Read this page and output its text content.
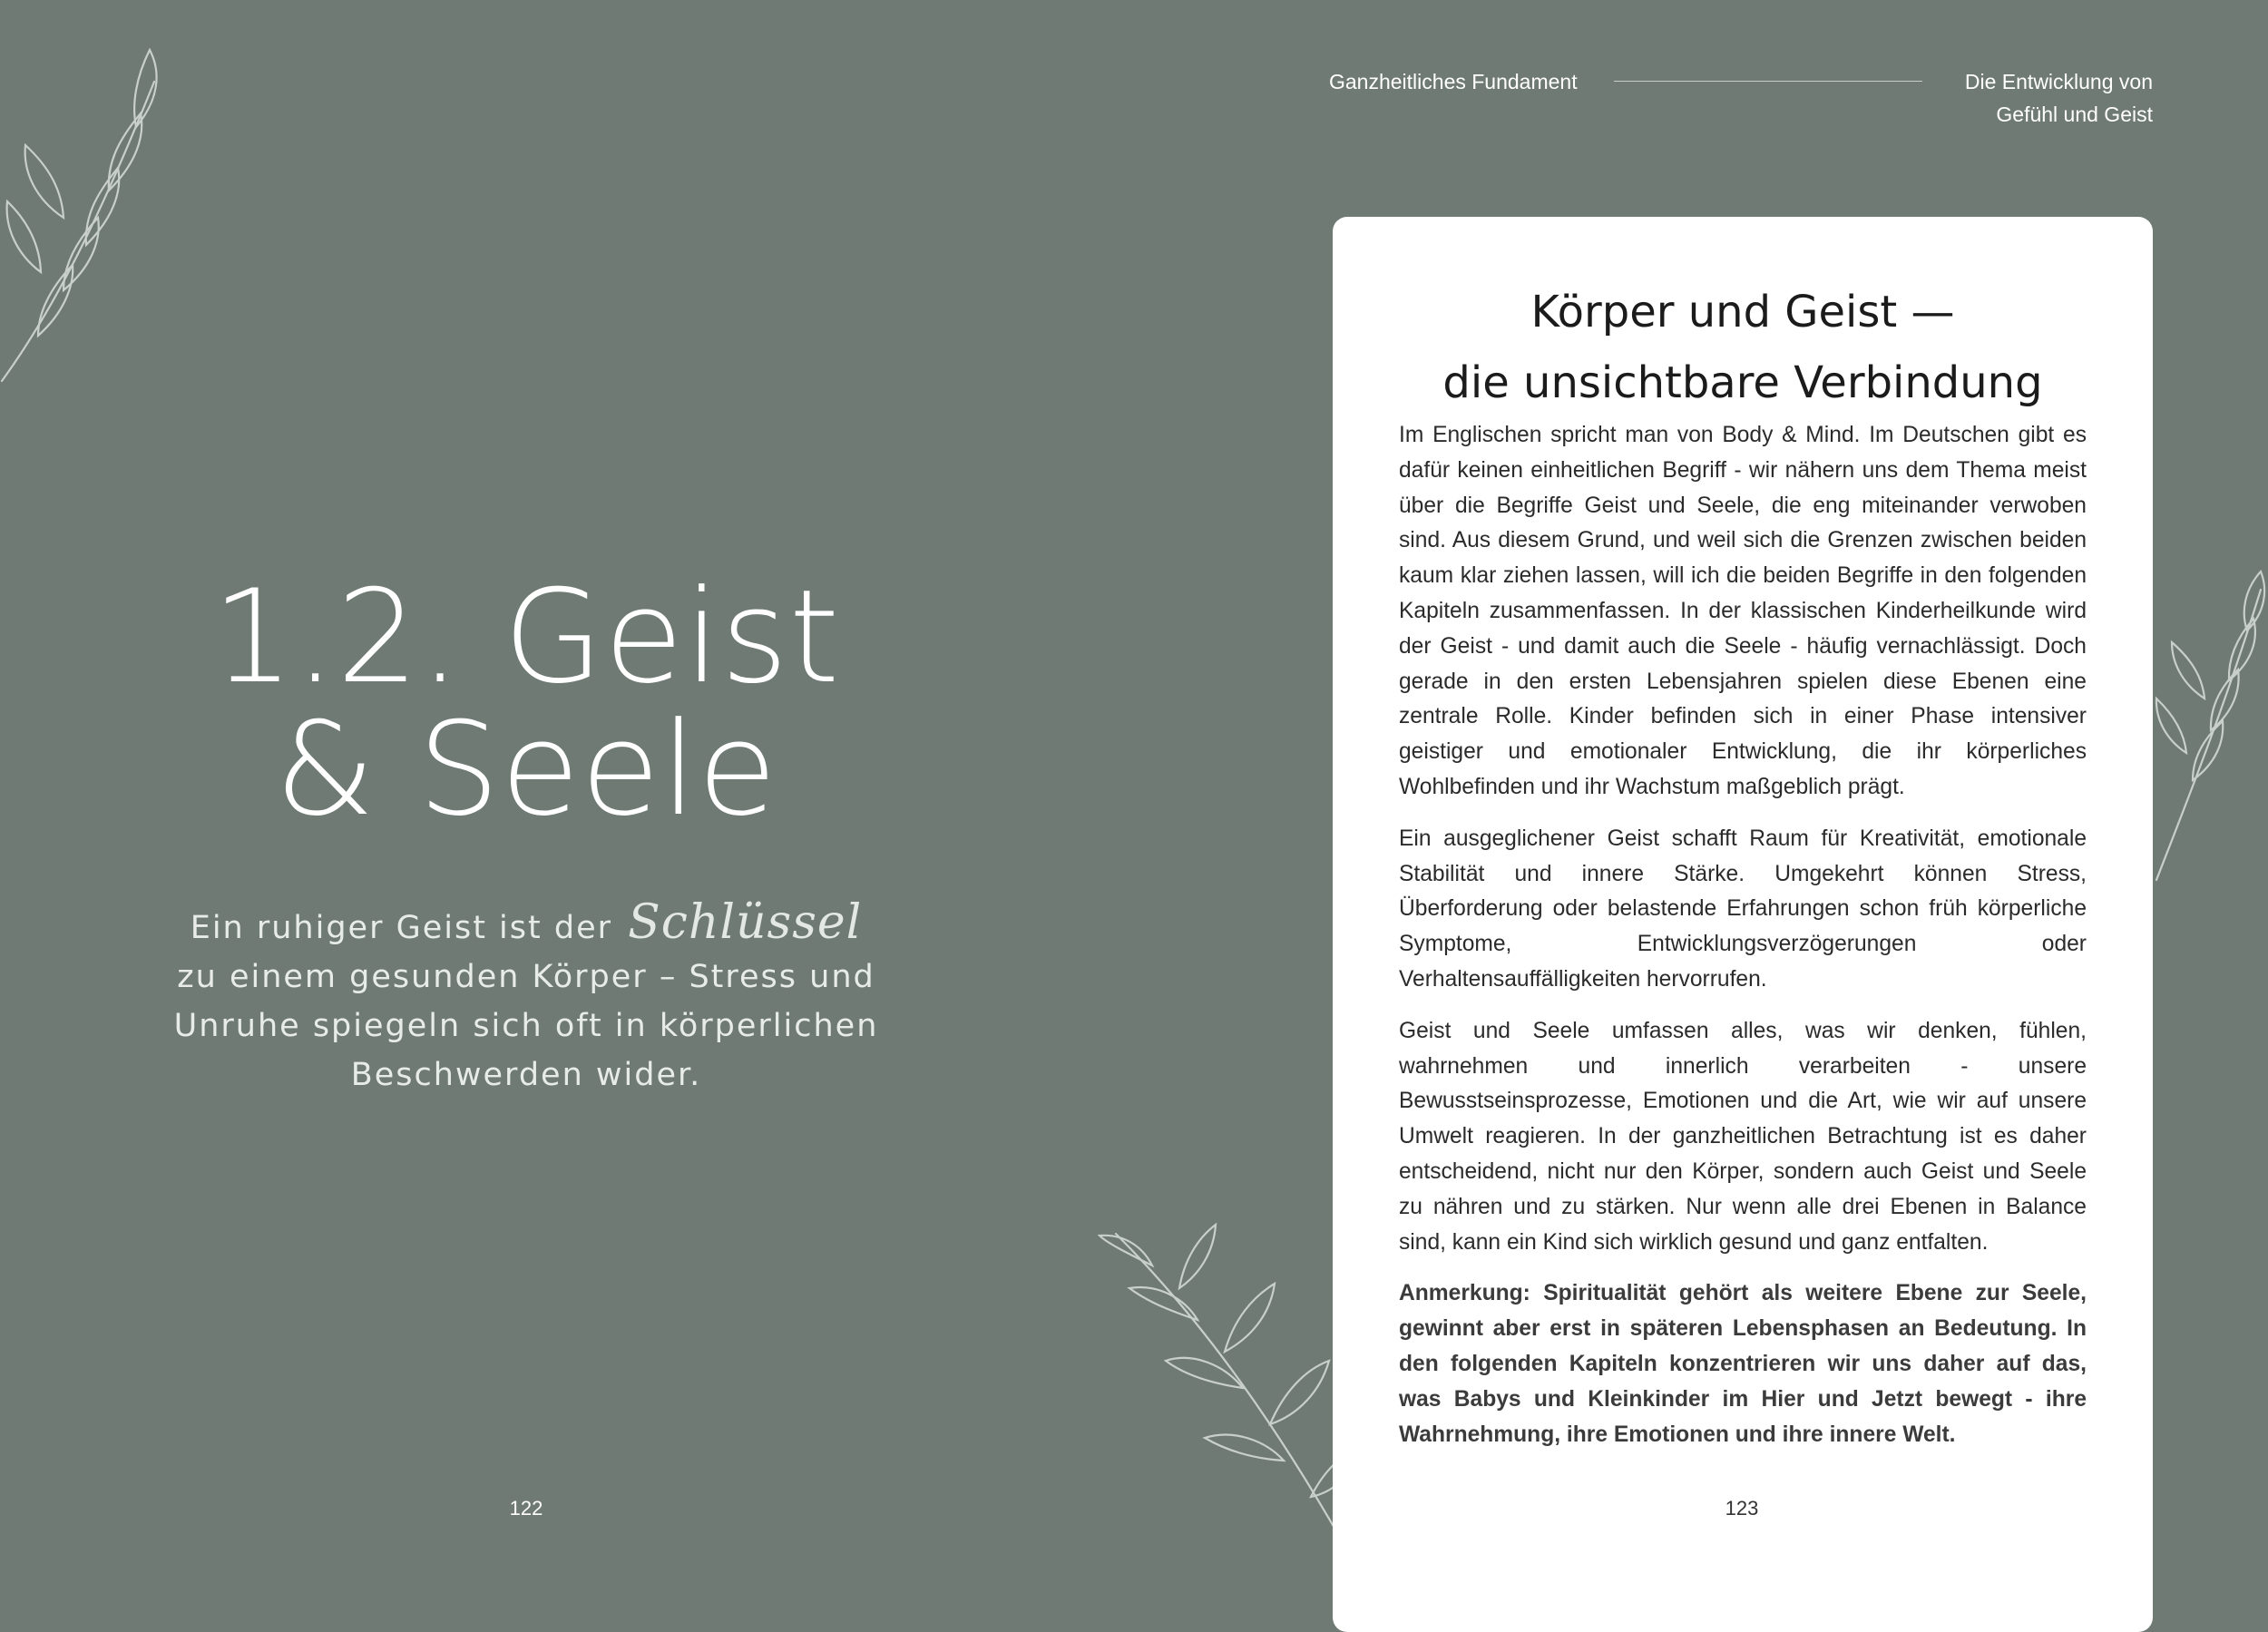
1.2. Geist
& Seele
Ein ruhiger Geist ist der Schlüssel
zu einem gesunden Körper – Stress und
Unruhe spiegeln sich oft in körperlichen
Beschwerden wider.
122
Ganzheitliches Fundament	Die Entwicklung von
Gefühl und Geist
Körper und Geist —
die unsichtbare Verbindung

Im Englischen spricht man von Body & Mind. Im Deutschen gibt es dafür keinen einheitlichen Begriff - wir nähern uns dem Thema meist über die Begriffe Geist und Seele, die eng miteinander verwoben sind. Aus diesem Grund, und weil sich die Grenzen zwischen beiden kaum klar ziehen lassen, will ich die beiden Begriffe in den folgenden Kapiteln zusammenfassen. In der klassischen Kinderheilkunde wird der Geist - und damit auch die Seele - häufig vernachlässigt. Doch gerade in den ersten Lebensjahren spielen diese Ebenen eine zentrale Rolle. Kinder befinden sich in einer Phase intensiver geistiger und emotionaler Entwicklung, die ihr körperliches Wohlbefinden und ihr Wachstum maßgeblich prägt.

Ein ausgeglichener Geist schafft Raum für Kreativität, emotionale Stabilität und innere Stärke. Umgekehrt können Stress, Überforderung oder belastende Erfahrungen schon früh körperliche Symptome, Entwicklungsverzögerungen oder Verhaltensauffälligkeiten hervorrufen.

Geist und Seele umfassen alles, was wir denken, fühlen, wahrnehmen und innerlich verarbeiten - unsere Bewusstseinsprozesse, Emotionen und die Art, wie wir auf unsere Umwelt reagieren. In der ganzheitlichen Betrachtung ist es daher entscheidend, nicht nur den Körper, sondern auch Geist und Seele zu nähren und zu stärken. Nur wenn alle drei Ebenen in Balance sind, kann ein Kind sich wirklich gesund und ganz entfalten.

Anmerkung: Spiritualität gehört als weitere Ebene zur Seele, gewinnt aber erst in späteren Lebensphasen an Bedeutung. In den folgenden Kapiteln konzentrieren wir uns daher auf das, was Babys und Kleinkinder im Hier und Jetzt bewegt - ihre Wahrnehmung, ihre Emotionen und ihre innere Welt.

123
